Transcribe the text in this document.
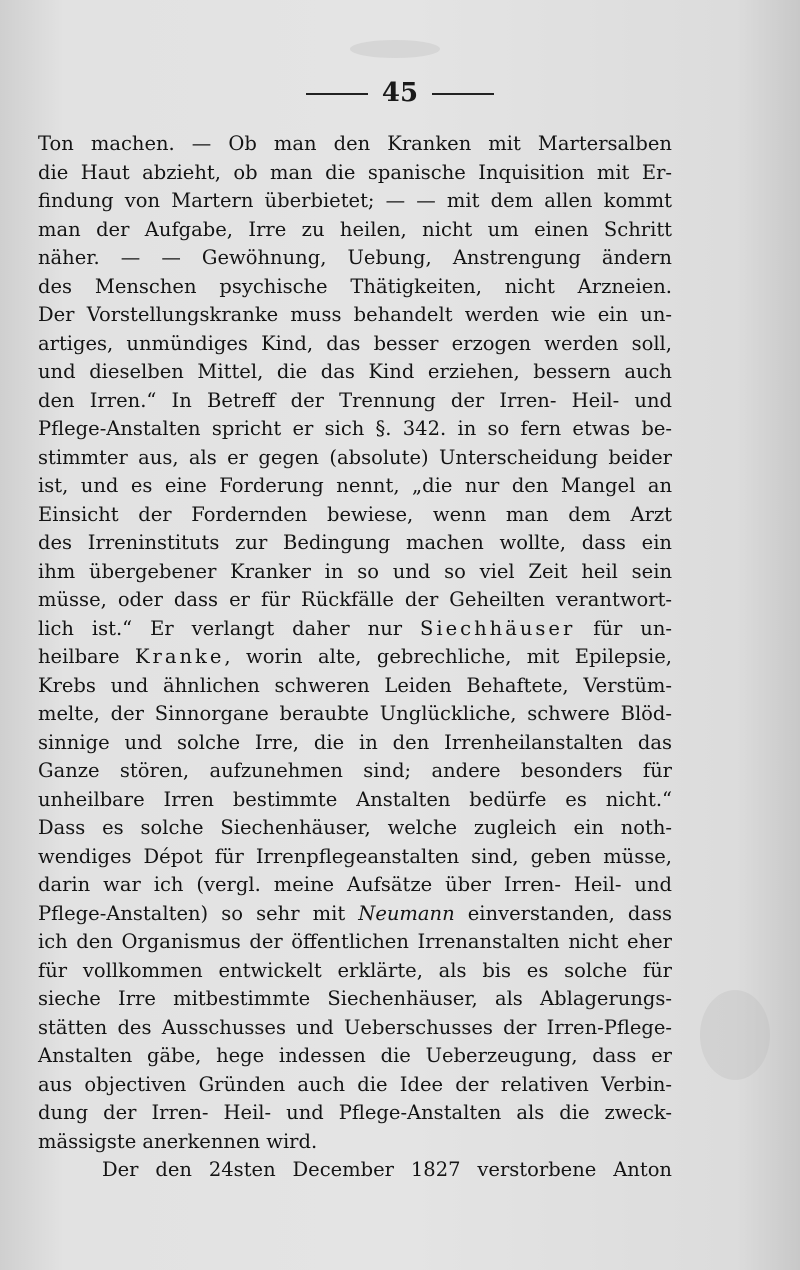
45
Ton machen. — Ob man den Kranken mit Martersalben
die Haut abzieht, ob man die spanische Inquisition mit Er-
findung von Martern überbietet; — — mit dem allen kommt
man der Aufgabe, Irre zu heilen, nicht um einen Schritt
näher. — — Gewöhnung, Uebung, Anstrengung ändern
des Menschen psychische Thätigkeiten, nicht Arzneien.
Der Vorstellungskranke muss behandelt werden wie ein un-
artiges, unmündiges Kind, das besser erzogen werden soll,
und dieselben Mittel, die das Kind erziehen, bessern auch
den Irren.“ In Betreff der Trennung der Irren- Heil- und
Pflege-Anstalten spricht er sich §. 342. in so fern etwas be-
stimmter aus, als er gegen (absolute) Unterscheidung beider
ist, und es eine Forderung nennt, „die nur den Mangel an
Einsicht der Fordernden bewiese, wenn man dem Arzt
des Irreninstituts zur Bedingung machen wollte, dass ein
ihm übergebener Kranker in so und so viel Zeit heil sein
müsse, oder dass er für Rückfälle der Geheilten verantwort-
lich ist.“ Er verlangt daher nur Siechhäuser für un-
heilbare Kranke, worin alte, gebrechliche, mit Epilepsie,
Krebs und ähnlichen schweren Leiden Behaftete, Verstüm-
melte, der Sinnorgane beraubte Unglückliche, schwere Blöd-
sinnige und solche Irre, die in den Irrenheilanstalten das
Ganze stören, aufzunehmen sind; andere besonders für
unheilbare Irren bestimmte Anstalten bedürfe es nicht.“
Dass es solche Siechenhäuser, welche zugleich ein noth-
wendiges Dépot für Irrenpflegeanstalten sind, geben müsse,
darin war ich (vergl. meine Aufsätze über Irren- Heil- und
Pflege-Anstalten) so sehr mit Neumann einverstanden, dass
ich den Organismus der öffentlichen Irrenanstalten nicht eher
für vollkommen entwickelt erklärte, als bis es solche für
sieche Irre mitbestimmte Siechenhäuser, als Ablagerungs-
stätten des Ausschusses und Ueberschusses der Irren-Pflege-
Anstalten gäbe, hege indessen die Ueberzeugung, dass er
aus objectiven Gründen auch die Idee der relativen Verbin-
dung der Irren- Heil- und Pflege-Anstalten als die zweck-
mässigste anerkennen wird.
Der den 24sten December 1827 verstorbene Anton
